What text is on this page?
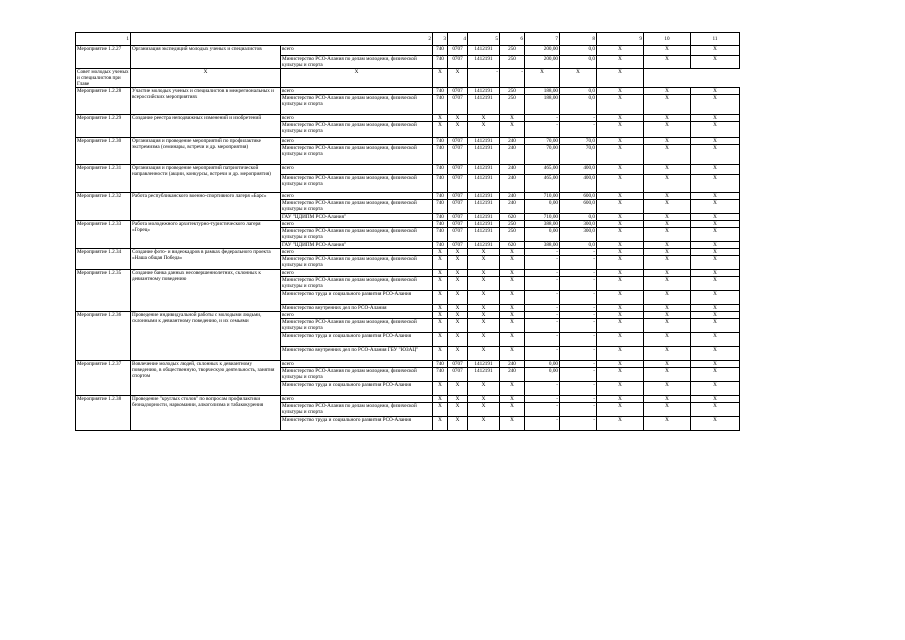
1	2		3	4	5	6	7	8	9	10	11	
Мероприятие 1.2.27	Организация экспедиций молодых ученых и специалистов	всего	740	0707	1412191	250	200,00	0,0	Х	Х	Х	
		Министерство РСО-Алания по делам молодежи, физической культуры и спорта	740	0707	1412191	250	200,00	0,0	Х	Х	Х	
Совет молодых ученых и специалистов при Главе	Х	Х	Х	Х	-	-	Х	Х	Х			
Мероприятие 1.2.28	Участие молодых ученых и специалистов в межрегиональных и всероссийских мероприятиях	всего	740	0707	1412191	250	188,00	0,0	Х	Х	Х	
		Министерство РСО-Алания по делам молодежи, физической культуры и спорта	740	0707	1412191	250	188,00	0,0	Х	Х	Х	
Мероприятие 1.2.29	Создание реестра неподвижных изменений и изобретений	всего	Х	Х	Х	Х	-	-	Х	Х	Х	
		Министерство РСО-Алания по делам молодежи, физической культуры и спорта	Х	Х	Х	Х	-	-	Х	Х	Х	
Мероприятие 1.2.30	Организация и проведение мероприятий по профилактике экстремизма (семинары, встречи и др. мероприятия)	всего	740	0707	1412191	240	70,00	70,0	Х	Х	Х	
		Министерство РСО-Алания по делам молодежи, физической культуры и спорта	740	0707	1412191	240	70,00	70,0	Х	Х	Х	
Мероприятие 1.2.31	Организация и проведение мероприятий патриотической направленности (акции, конкурсы, встречи и др. мероприятия)	всего	740	0707	1412191	240	465,00	400,0	Х	Х	Х	
		Министерство РСО-Алания по делам молодежи, физической культуры и спорта	740	0707	1412191	240	465,00	400,0	Х	Х	Х	
Мероприятие 1.2.32	Работа республиканского военно-спортивного лагеря «Барс»	всего	740	0707	1412191	240	710,00	600,0	Х	Х	Х	
		Министерство РСО-Алания по делам молодежи, физической культуры и спорта	740	0707	1412191	240	0,00	600,0	Х	Х	Х	
		ГАУ "ЦДИПМ РСО-Алания"	740	0707	1412191	620	710,00	0,0	Х	Х	Х	
Мероприятие 1.2.33	Работа молодежного архитектурно-туристического лагеря «Горец»	всего	740	0707	1412191	250	388,00	300,0	Х	Х	Х	
		Министерство РСО-Алания по делам молодежи, физической культуры и спорта	740	0707	1412191	250	0,00	300,0	Х	Х	Х	
		ГАУ "ЦДИПМ РСО-Алания"	740	0707	1412191	620	388,00	0,0	Х	Х	Х	
Мероприятие 1.2.34	Создание фото- и видеокадров в рамках федерального проекта «Наша общая Победа»	всего	Х	Х	Х	Х	-	-	Х	Х	Х	
		Министерство РСО-Алания по делам молодежи, физической культуры и спорта	Х	Х	Х	Х	-	-	Х	Х	Х	
Мероприятие 1.2.35	Создание банка данных несовершеннолетних, склонных к девиантному поведению	всего	Х	Х	Х	Х	-	-	Х	Х	Х	
		Министерство РСО-Алания по делам молодежи, физической культуры и спорта	Х	Х	Х	Х	-	-	Х	Х	Х	
		Министерство труда и социального развития РСО-Алания	Х	Х	Х	Х	-	-	Х	Х	Х	
		Министерство внутренних дел по РСО-Алания	Х	Х	Х	Х	-	-	Х	Х	Х	
Мероприятие 1.2.36	Проведение индивидуальной работы с молодыми людьми, склонными к девиантному поведению, и их семьями	всего	Х	Х	Х	Х	-	-	Х	Х	Х	
		Министерство РСО-Алания по делам молодежи, физической культуры и спорта	Х	Х	Х	Х	-	-	Х	Х	Х	
		Министерство труда и социального развития РСО-Алания	Х	Х	Х	Х	-	-	Х	Х	Х	
		Министерство внутренних дел по РСО-Алания ГБУ "ЮЗАЦ"	Х	Х	Х	Х	-	-	Х	Х	Х	
Мероприятие 1.2.37	Вовлечение молодых людей, склонных к девиантному поведению, в общественную, творческую деятельность, занятия спортом	всего	740	0707	1412191	240	0,00	-	Х	Х	Х	
		Министерство РСО-Алания по делам молодежи, физической культуры и спорта	740	0707	1412191	240	0,00	-	Х	Х	Х	
		Министерство труда и социального развития РСО-Алания	Х	Х	Х	Х	-	-	Х	Х	Х	
Мероприятие 1.2.38	Проведение "круглых столов" по вопросам профилактики безнадзорности, наркомании, алкоголизма и табакокурения	всего	Х	Х	Х	Х	-	-	Х	Х	Х	
		Министерство РСО-Алания по делам молодежи, физической культуры и спорта	Х	Х	Х	Х	-	-	Х	Х	Х	
		Министерство труда и социального развития РСО-Алания	Х	Х	Х	Х	-	-	Х	Х	Х	
